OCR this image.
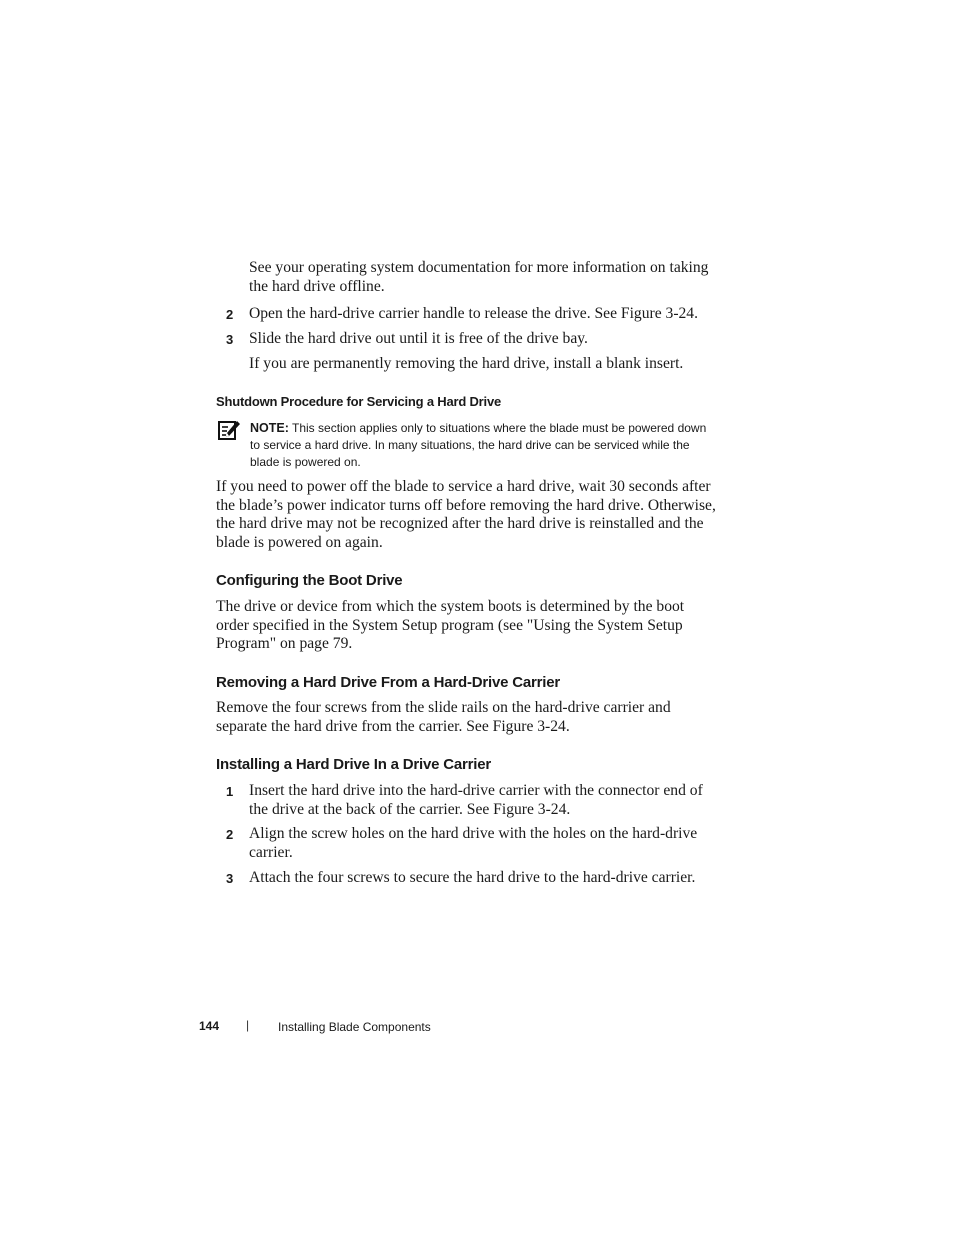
See your operating system documentation for more information on taking the hard drive offline.
2 Open the hard-drive carrier handle to release the drive. See Figure 3-24.
3 Slide the hard drive out until it is free of the drive bay.
If you are permanently removing the hard drive, install a blank insert.
Shutdown Procedure for Servicing a Hard Drive
NOTE: This section applies only to situations where the blade must be powered down to service a hard drive. In many situations, the hard drive can be serviced while the blade is powered on.
If you need to power off the blade to service a hard drive, wait 30 seconds after the blade’s power indicator turns off before removing the hard drive. Otherwise, the hard drive may not be recognized after the hard drive is reinstalled and the blade is powered on again.
Configuring the Boot Drive
The drive or device from which the system boots is determined by the boot order specified in the System Setup program (see "Using the System Setup Program" on page 79.
Removing a Hard Drive From a Hard-Drive Carrier
Remove the four screws from the slide rails on the hard-drive carrier and separate the hard drive from the carrier. See Figure 3-24.
Installing a Hard Drive In a Drive Carrier
1 Insert the hard drive into the hard-drive carrier with the connector end of the drive at the back of the carrier. See Figure 3-24.
2 Align the screw holes on the hard drive with the holes on the hard-drive carrier.
3 Attach the four screws to secure the hard drive to the hard-drive carrier.
144 | Installing Blade Components
